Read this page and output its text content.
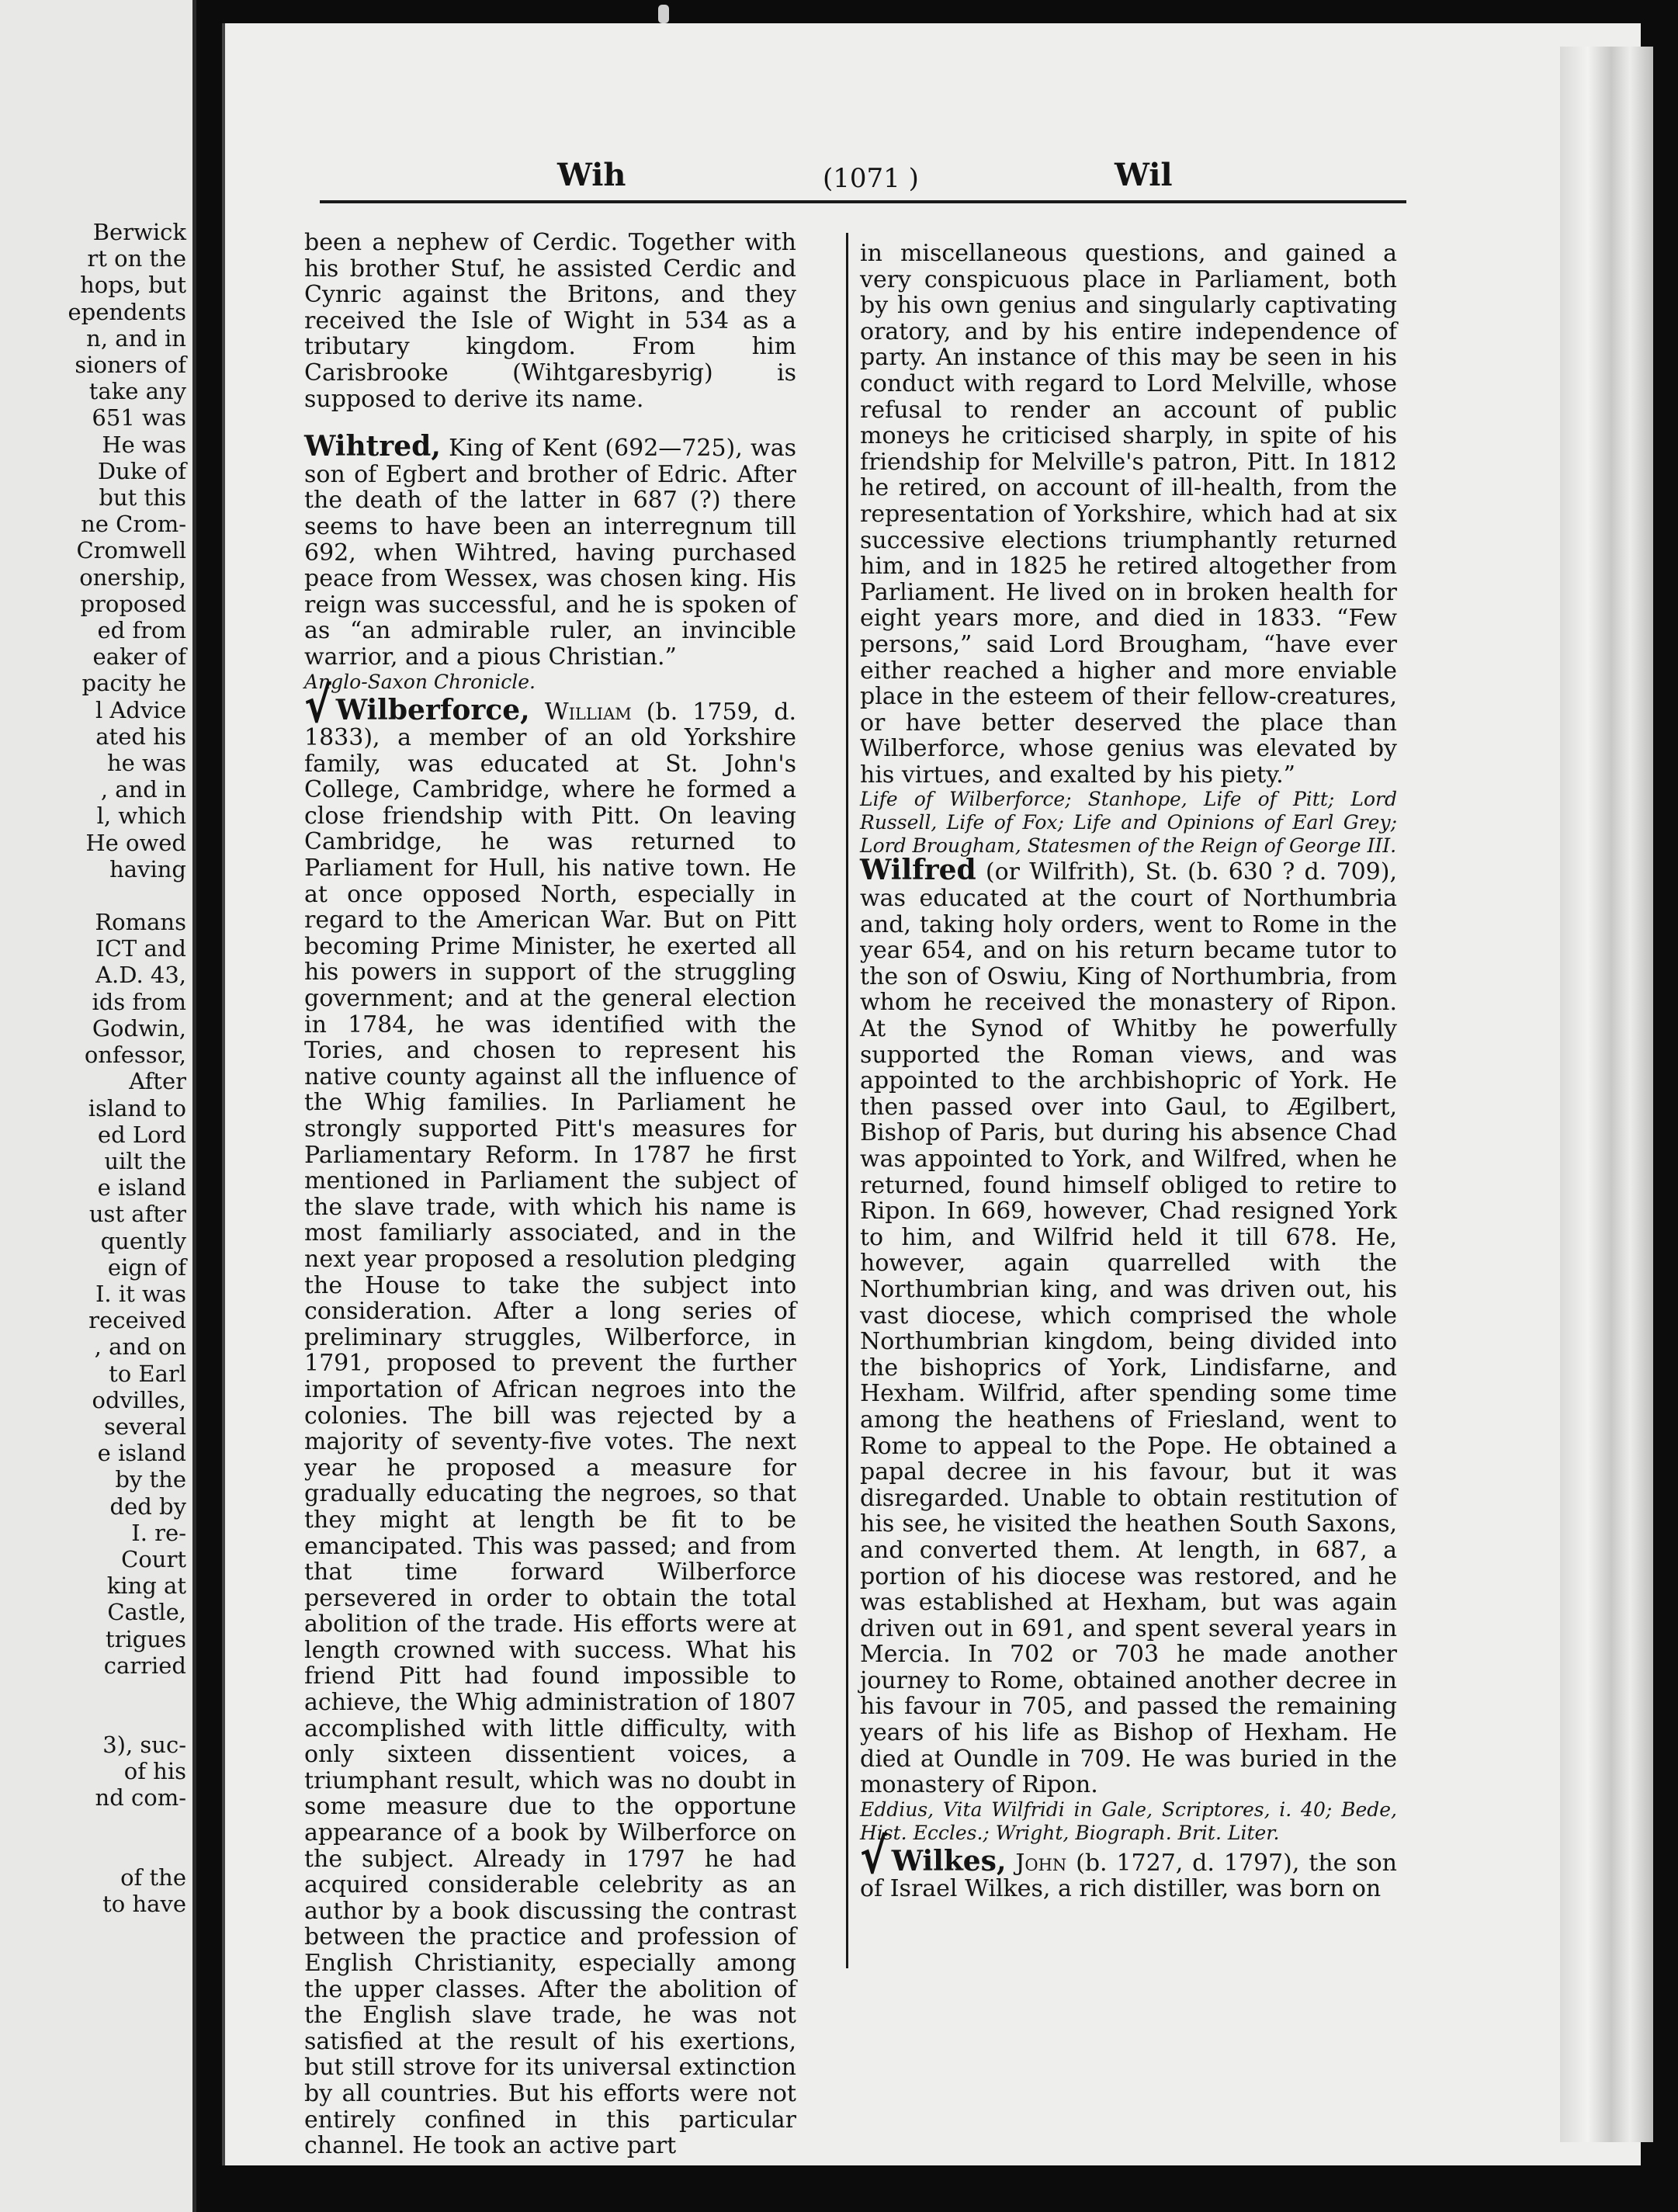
Berwick
rt on the
hops, but
ependents
n, and in
sioners of
take any
651 was
He was
Duke of
but this
ne Crom-
Cromwell
onership,
proposed
ed from
eaker of
pacity he
l Advice
ated his
he was
, and in
l, which
He owed
having
Romans
ICT and
A.D. 43,
ids from
Godwin,
onfessor,
After
island to
ed Lord
uilt the
e island
ust after
quently
eign of
I. it was
received
, and on
to Earl
odvilles,
several
e island
by the
ded by
I. re-
Court
king at
Castle,
trigues
carried
3), suc-
of his
nd com-
of the
to have
Wih	(1071 )	Wil

been a nephew of Cerdic. Together with his brother Stuf, he assisted Cerdic and Cynric against the Britons, and they received the Isle of Wight in 534 as a tributary kingdom. From him Carisbrooke (Wihtgaresbyrig) is supposed to derive its name.

Wihtred, King of Kent (692—725), was son of Egbert and brother of Edric. After the death of the latter in 687 (?) there seems to have been an interregnum till 692, when Wihtred, having purchased peace from Wessex, was chosen king. His reign was successful, and he is spoken of as “an admirable ruler, an invincible warrior, and a pious Christian.”

Anglo-Saxon Chronicle.

√ Wilberforce, William (b. 1759, d. 1833), a member of an old Yorkshire family, was educated at St. John's College, Cambridge, where he formed a close friendship with Pitt. On leaving Cambridge, he was returned to Parliament for Hull, his native town. He at once opposed North, especially in regard to the American War. But on Pitt becoming Prime Minister, he exerted all his powers in support of the struggling government; and at the general election in 1784, he was identified with the Tories, and chosen to represent his native county against all the influence of the Whig families. In Parliament he strongly supported Pitt's measures for Parliamentary Reform. In 1787 he first mentioned in Parliament the subject of the slave trade, with which his name is most familiarly associated, and in the next year proposed a resolution pledging the House to take the subject into consideration. After a long series of preliminary struggles, Wilberforce, in 1791, proposed to prevent the further importation of African negroes into the colonies. The bill was rejected by a majority of seventy-five votes. The next year he proposed a measure for gradually educating the negroes, so that they might at length be fit to be emancipated. This was passed; and from that time forward Wilberforce persevered in order to obtain the total abolition of the trade. His efforts were at length crowned with success. What his friend Pitt had found impossible to achieve, the Whig administration of 1807 accomplished with little difficulty, with only sixteen dissentient voices, a triumphant result, which was no doubt in some measure due to the opportune appearance of a book by Wilberforce on the subject. Already in 1797 he had acquired considerable celebrity as an author by a book discussing the contrast between the practice and profession of English Christianity, especially among the upper classes. After the abolition of the English slave trade, he was not satisfied at the result of his exertions, but still strove for its universal extinction by all countries. But his efforts were not entirely confined in this particular channel. He took an active part

in miscellaneous questions, and gained a very conspicuous place in Parliament, both by his own genius and singularly captivating oratory, and by his entire independence of party. An instance of this may be seen in his conduct with regard to Lord Melville, whose refusal to render an account of public moneys he criticised sharply, in spite of his friendship for Melville's patron, Pitt. In 1812 he retired, on account of ill-health, from the representation of Yorkshire, which had at six successive elections triumphantly returned him, and in 1825 he retired altogether from Parliament. He lived on in broken health for eight years more, and died in 1833. “Few persons,” said Lord Brougham, “have ever either reached a higher and more enviable place in the esteem of their fellow-creatures, or have better deserved the place than Wilberforce, whose genius was elevated by his virtues, and exalted by his piety.”

Life of Wilberforce; Stanhope, Life of Pitt; Lord Russell, Life of Fox; Life and Opinions of Earl Grey; Lord Brougham, Statesmen of the Reign of George III.

Wilfred (or Wilfrith), St. (b. 630 ? d. 709), was educated at the court of Northumbria and, taking holy orders, went to Rome in the year 654, and on his return became tutor to the son of Oswiu, King of Northumbria, from whom he received the monastery of Ripon. At the Synod of Whitby he powerfully supported the Roman views, and was appointed to the archbishopric of York. He then passed over into Gaul, to Ægilbert, Bishop of Paris, but during his absence Chad was appointed to York, and Wilfred, when he returned, found himself obliged to retire to Ripon. In 669, however, Chad resigned York to him, and Wilfrid held it till 678. He, however, again quarrelled with the Northumbrian king, and was driven out, his vast diocese, which comprised the whole Northumbrian kingdom, being divided into the bishoprics of York, Lindisfarne, and Hexham. Wilfrid, after spending some time among the heathens of Friesland, went to Rome to appeal to the Pope. He obtained a papal decree in his favour, but it was disregarded. Unable to obtain restitution of his see, he visited the heathen South Saxons, and converted them. At length, in 687, a portion of his diocese was restored, and he was established at Hexham, but was again driven out in 691, and spent several years in Mercia. In 702 or 703 he made another journey to Rome, obtained another decree in his favour in 705, and passed the remaining years of his life as Bishop of Hexham. He died at Oundle in 709. He was buried in the monastery of Ripon.

Eddius, Vita Wilfridi in Gale, Scriptores, i. 40; Bede, Hist. Eccles.; Wright, Biograph. Brit. Liter.

√ Wilkes, John (b. 1727, d. 1797), the son of Israel Wilkes, a rich distiller, was born on
